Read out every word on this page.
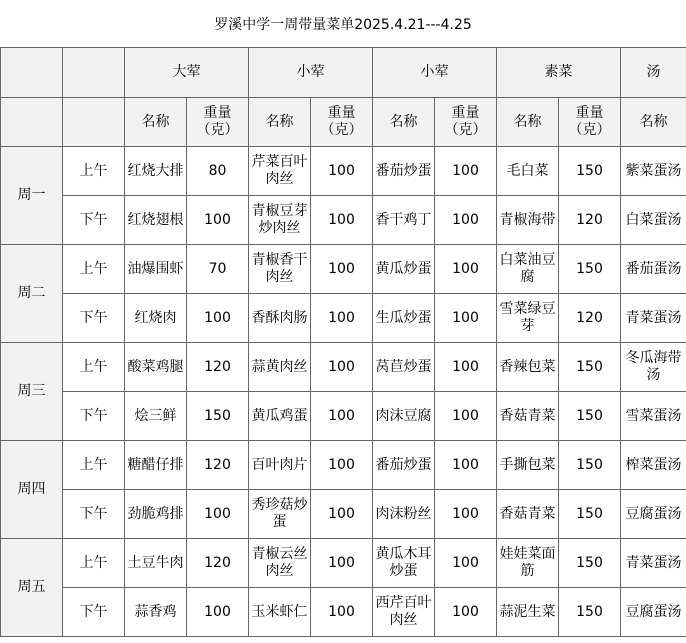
罗溪中学一周带量菜单2025.4.21---4.25
		大荤		小荤		小荤		素菜		汤
		名称	重量（克）	名称	重量（克）	名称	重量（克）	名称	重量（克）	名称
周一	上午	红烧大排	80	芹菜百叶肉丝	100	番茄炒蛋	100	毛白菜	150	紫菜蛋汤

	下午	红烧翅根	100	青椒豆芽炒肉丝	100	香干鸡丁	100	青椒海带	120	白菜蛋汤

周二	上午	油爆围虾	70	青椒香干肉丝	100	黄瓜炒蛋	100	白菜油豆腐	150	番茄蛋汤

	下午	红烧肉	100	香酥肉肠	100	生瓜炒蛋	100	雪菜绿豆芽	120	青菜蛋汤

周三	上午	酸菜鸡腿	120	蒜黄肉丝	100	莴苣炒蛋	100	香辣包菜	150	冬瓜海带汤

	下午	烩三鲜	150	黄瓜鸡蛋	100	肉沫豆腐	100	香菇青菜	150	雪菜蛋汤

周四	上午	糖醋仔排	120	百叶肉片	100	番茄炒蛋	100	手撕包菜	150	榨菜蛋汤

	下午	劲脆鸡排	100	秀珍菇炒蛋	100	肉沫粉丝	100	香菇青菜	150	豆腐蛋汤

周五	上午	土豆牛肉	120	青椒云丝肉丝	100	黄瓜木耳炒蛋	100	娃娃菜面筋	150	青菜蛋汤

	下午	蒜香鸡	100	玉米虾仁	100	西芹百叶肉丝	100	蒜泥生菜	150	豆腐蛋汤
